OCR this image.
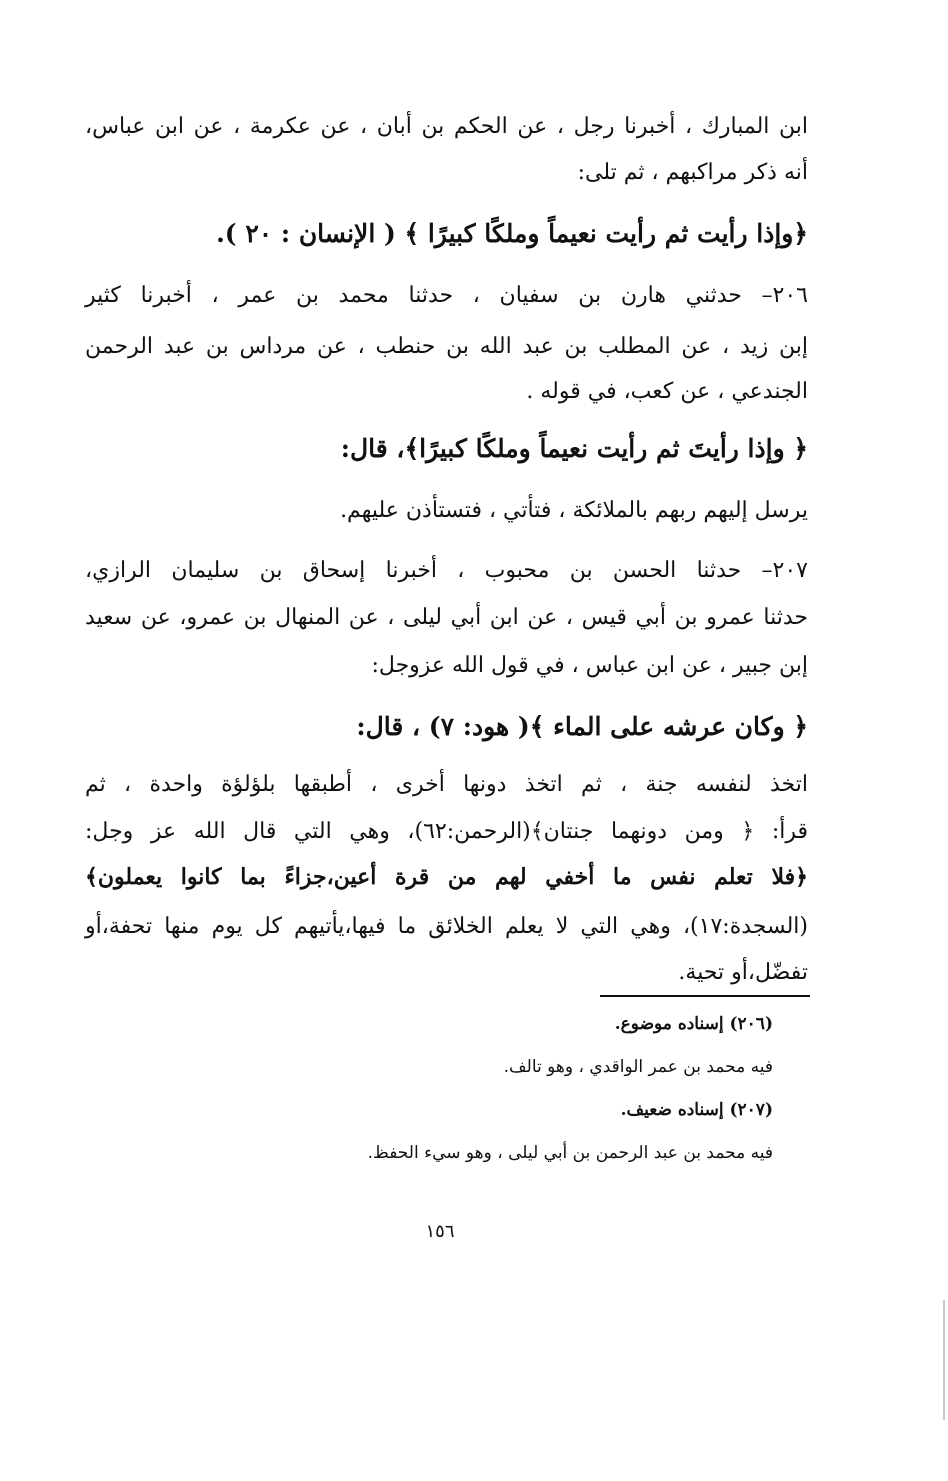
ابن المبارك ، أخبرنا رجل ، عن الحكم بن أبان ، عن عكرمة ، عن ابن عباس،
أنه ذكر مراكبهم ، ثم تلى:
﴿وإذا رأيت ثم رأيت نعيماً وملكًا كبيرًا ﴾ ( الإنسان : ٢٠ ).
٢٠٦– حدثني هارن بن سفيان ، حدثنا محمد بن عمر ، أخبرنا كثير
إبن زيد ، عن المطلب بن عبد الله بن حنطب ، عن مرداس بن عبد الرحمن
الجندعي ، عن كعب، في قوله .
﴿ وإذا رأيتَ ثم رأيت نعيماً وملكًا كبيرًا﴾، قال:
يرسل إليهم ربهم بالملائكة ، فتأتي ، فتستأذن عليهم.
٢٠٧– حدثنا الحسن بن محبوب ، أخبرنا إسحاق بن سليمان الرازي،
حدثنا عمرو بن أبي قيس ، عن ابن أبي ليلى ، عن المنهال بن عمرو، عن سعيد
إبن جبير ، عن ابن عباس ، في قول الله عزوجل:
﴿ وكان عرشه على الماء ﴾( هود: ٧) ، قال:
اتخذ لنفسه جنة ، ثم اتخذ دونها أخرى ، أطبقها بلؤلؤة واحدة ، ثم
قرأ: ﴿ ومن دونهما جنتان﴾(الرحمن:٦٢)، وهي التي قال الله عز وجل:
﴿فلا تعلم نفس ما أخفي لهم من قرة أعين،جزاءً بما كانوا يعملون﴾
(السجدة:١٧)، وهي التي لا يعلم الخلائق ما فيها،يأتيهم كل يوم منها تحفة،أو
تفضّل،أو تحية.
(٢٠٦) إسناده موضوع.
فيه محمد بن عمر الواقدي ، وهو تالف.
(٢٠٧) إسناده ضعيف.
فيه محمد بن عبد الرحمن بن أبي ليلى ، وهو سيء الحفظ.
١٥٦
